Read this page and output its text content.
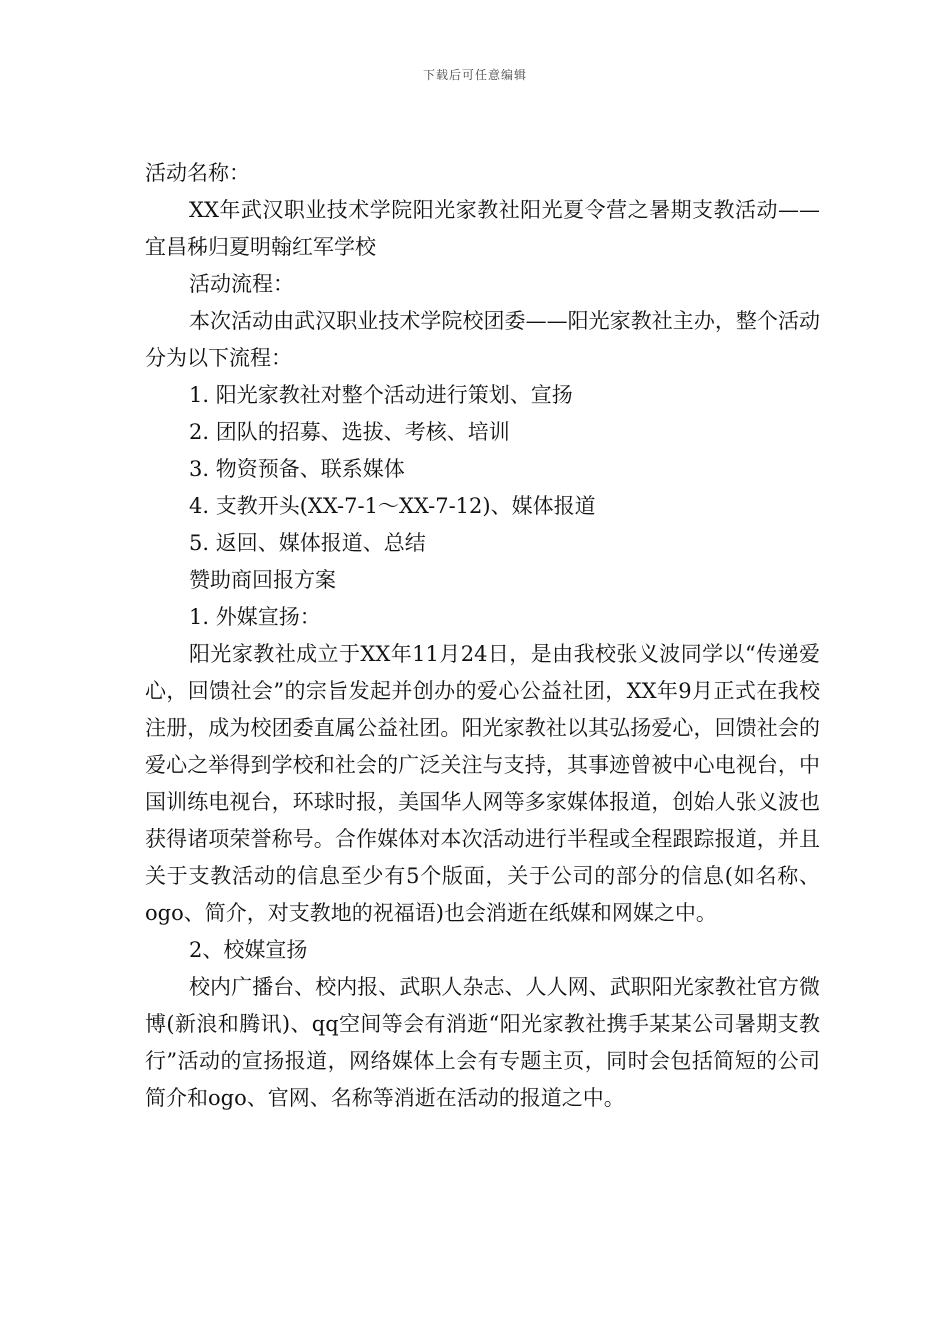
下载后可任意编辑

活动名称：

XX年武汉职业技术学院阳光家教社阳光夏令营之暑期支教活动——宜昌秭归夏明翰红军学校

活动流程：

本次活动由武汉职业技术学院校团委——阳光家教社主办，整个活动分为以下流程：

1. 阳光家教社对整个活动进行策划、宣扬

2. 团队的招募、选拔、考核、培训

3. 物资预备、联系媒体

4. 支教开头(XX-7-1～XX-7-12)、媒体报道

5. 返回、媒体报道、总结

赞助商回报方案

1. 外媒宣扬：

阳光家教社成立于XX年11月24日，是由我校张义波同学以“传递爱心，回馈社会”的宗旨发起并创办的爱心公益社团，XX年9月正式在我校注册，成为校团委直属公益社团。阳光家教社以其弘扬爱心，回馈社会的爱心之举得到学校和社会的广泛关注与支持，其事迹曾被中心电视台，中国训练电视台，环球时报，美国华人网等多家媒体报道，创始人张义波也获得诸项荣誉称号。合作媒体对本次活动进行半程或全程跟踪报道，并且关于支教活动的信息至少有5个版面，关于公司的部分的信息(如名称、ogo、简介，对支教地的祝福语)也会消逝在纸媒和网媒之中。

2、校媒宣扬

校内广播台、校内报、武职人杂志、人人网、武职阳光家教社官方微博(新浪和腾讯)、qq空间等会有消逝“阳光家教社携手某某公司暑期支教行”活动的宣扬报道，网络媒体上会有专题主页，同时会包括简短的公司简介和ogo、官网、名称等消逝在活动的报道之中。
